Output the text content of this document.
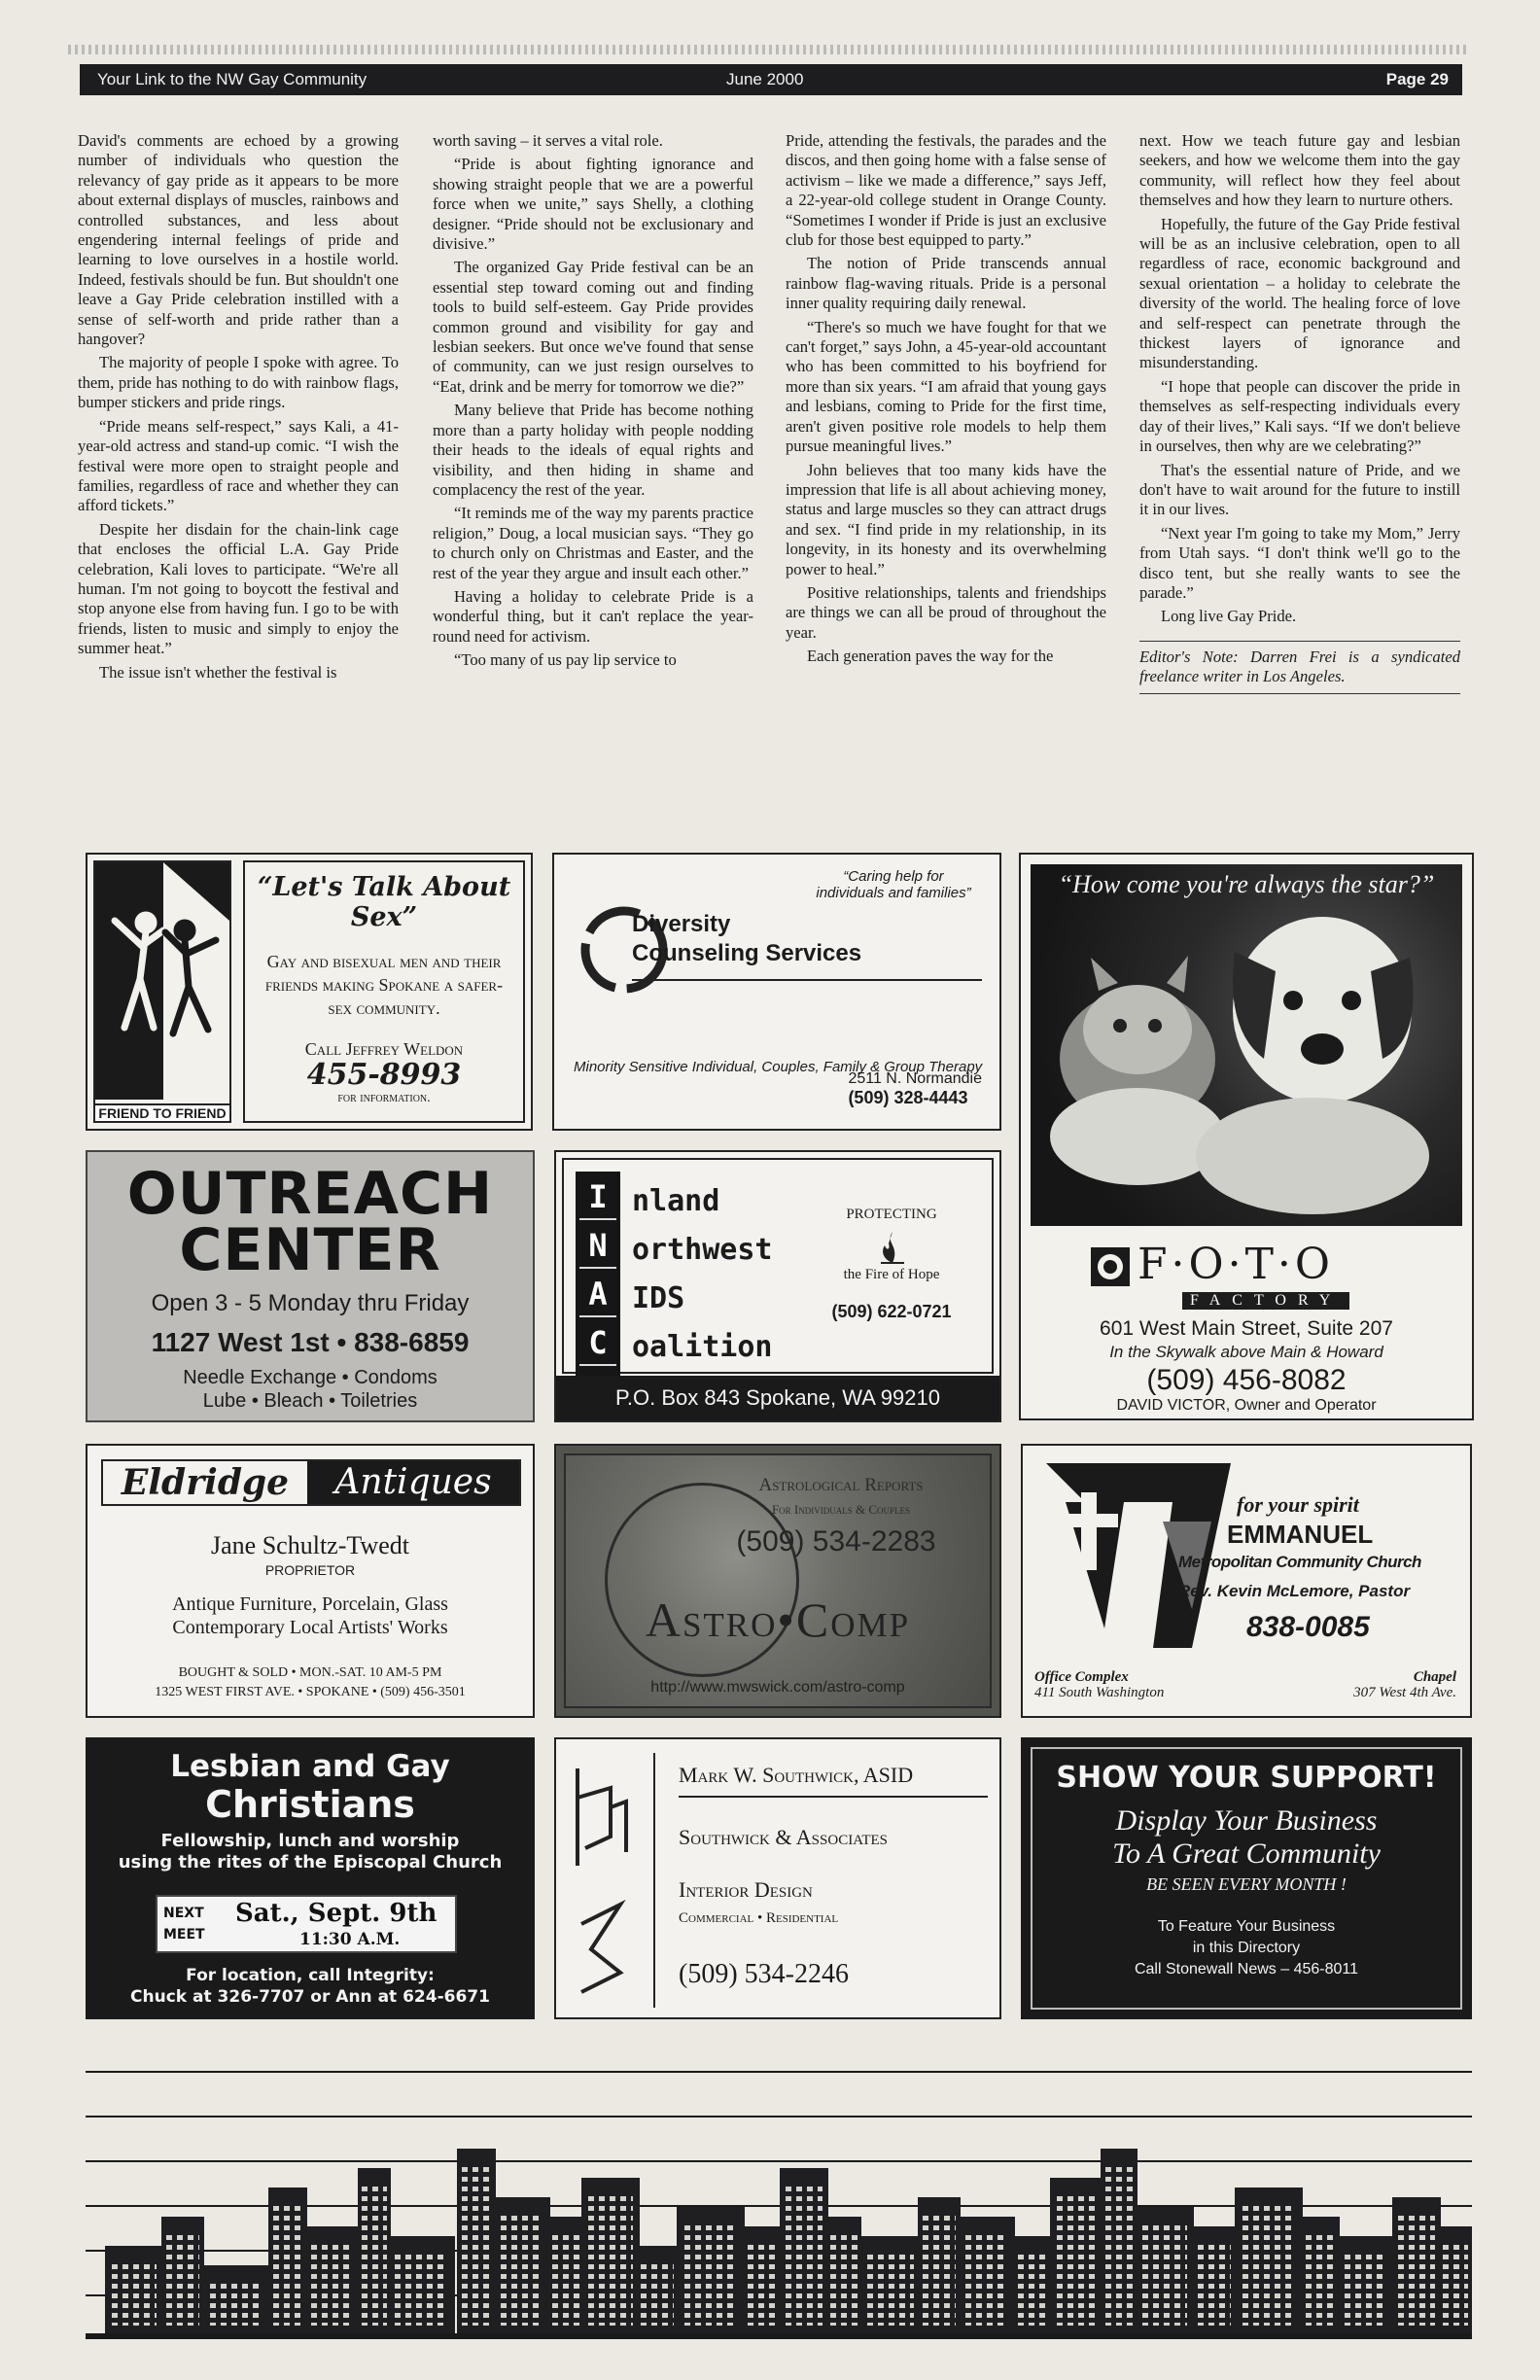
Your Link to the NW Gay Community	June 2000	Page 29

David's comments are echoed by a growing number of individuals who question the relevancy of gay pride as it appears to be more about external displays of muscles, rainbows and controlled substances, and less about engendering internal feelings of pride and learning to love ourselves in a hostile world. Indeed, festivals should be fun. But shouldn't one leave a Gay Pride celebration instilled with a sense of self-worth and pride rather than a hangover?

The majority of people I spoke with agree. To them, pride has nothing to do with rainbow flags, bumper stickers and pride rings.

“Pride means self-respect,” says Kali, a 41-year-old actress and stand-up comic. “I wish the festival were more open to straight people and families, regardless of race and whether they can afford tickets.”

Despite her disdain for the chain-link cage that encloses the official L.A. Gay Pride celebration, Kali loves to participate. “We're all human. I'm not going to boycott the festival and stop anyone else from having fun. I go to be with friends, listen to music and simply to enjoy the summer heat.”

The issue isn't whether the festival is

worth saving – it serves a vital role.

“Pride is about fighting ignorance and showing straight people that we are a powerful force when we unite,” says Shelly, a clothing designer. “Pride should not be exclusionary and divisive.”

The organized Gay Pride festival can be an essential step toward coming out and finding tools to build self-esteem. Gay Pride provides common ground and visibility for gay and lesbian seekers. But once we've found that sense of community, can we just resign ourselves to “Eat, drink and be merry for tomorrow we die?”

Many believe that Pride has become nothing more than a party holiday with people nodding their heads to the ideals of equal rights and visibility, and then hiding in shame and complacency the rest of the year.

“It reminds me of the way my parents practice religion,” Doug, a local musician says. “They go to church only on Christmas and Easter, and the rest of the year they argue and insult each other.”

Having a holiday to celebrate Pride is a wonderful thing, but it can't replace the year-round need for activism.

“Too many of us pay lip service to

Pride, attending the festivals, the parades and the discos, and then going home with a false sense of activism – like we made a difference,” says Jeff, a 22-year-old college student in Orange County. “Sometimes I wonder if Pride is just an exclusive club for those best equipped to party.”

The notion of Pride transcends annual rainbow flag-waving rituals. Pride is a personal inner quality requiring daily renewal.

“There's so much we have fought for that we can't forget,” says John, a 45-year-old accountant who has been committed to his boyfriend for more than six years. “I am afraid that young gays and lesbians, coming to Pride for the first time, aren't given positive role models to help them pursue meaningful lives.”

John believes that too many kids have the impression that life is all about achieving money, status and large muscles so they can attract drugs and sex. “I find pride in my relationship, in its longevity, in its honesty and its overwhelming power to heal.”

Positive relationships, talents and friendships are things we can all be proud of throughout the year.

Each generation paves the way for the

next. How we teach future gay and lesbian seekers, and how we welcome them into the gay community, will reflect how they feel about themselves and how they learn to nurture others.

Hopefully, the future of the Gay Pride festival will be as an inclusive celebration, open to all regardless of race, economic background and sexual orientation – a holiday to celebrate the diversity of the world. The healing force of love and self-respect can penetrate through the thickest layers of ignorance and misunderstanding.

“I hope that people can discover the pride in themselves as self-respecting individuals every day of their lives,” Kali says. “If we don't believe in ourselves, then why are we celebrating?”

That's the essential nature of Pride, and we don't have to wait around for the future to instill it in our lives.

“Next year I'm going to take my Mom,” Jerry from Utah says. “I don't think we'll go to the disco tent, but she really wants to see the parade.”

Long live Gay Pride.

Editor's Note: Darren Frei is a syndicated freelance writer in Los Angeles.

FRIEND TO FRIEND
“Let's Talk About Sex”
Gay and bisexual men and their friends making Spokane a safer-sex community.
Call Jeffrey Weldon
455-8993
for information.
“Caring help for individuals and families”
Diversity
Counseling Services
Minority Sensitive Individual, Couples, Family & Group Therapy
2511 N. Normandie
(509) 328-4443
“How come you're always the star?”
F·O·T·O
FACTORY
601 West Main Street, Suite 207
In the Skywalk above Main & Howard
(509) 456-8082
DAVID VICTOR, Owner and Operator
OUTREACH
CENTER
Open 3 - 5 Monday thru Friday
1127 West 1st • 838-6859
Needle Exchange • Condoms
Lube • Bleach • Toiletries
I
N
A
C
nland
orthwest
IDS
oalition
PROTECTING
the Fire of Hope
(509) 622-0721
P.O. Box 843 Spokane, WA 99210
Eldridge	Antiques
Jane Schultz-Twedt
PROPRIETOR
Antique Furniture, Porcelain, Glass
Contemporary Local Artists' Works
BOUGHT & SOLD • MON.-SAT. 10 AM-5 PM
1325 WEST FIRST AVE. • SPOKANE • (509) 456-3501
Astrological Reports
For Individuals & Couples
(509) 534-2283
Astro•Comp
http://www.mwswick.com/astro-comp
for your spirit
EMMANUEL
Metropolitan Community Church
Rev. Kevin McLemore, Pastor
838-0085
Office Complex
411 South Washington
Chapel
307 West 4th Ave.
Lesbian and Gay
Christians
Fellowship, lunch and worship
using the rites of the Episcopal Church
NEXT
MEET
Sat., Sept. 9th
11:30 A.M.
For location, call Integrity:
Chuck at 326-7707 or Ann at 624-6671
Mark W. Southwick, ASID
Southwick & Associates
Interior Design
Commercial • Residential
(509) 534-2246
SHOW YOUR SUPPORT!
Display Your Business
To A Great Community
BE SEEN EVERY MONTH !
To Feature Your Business
in this Directory
Call Stonewall News – 456-8011
